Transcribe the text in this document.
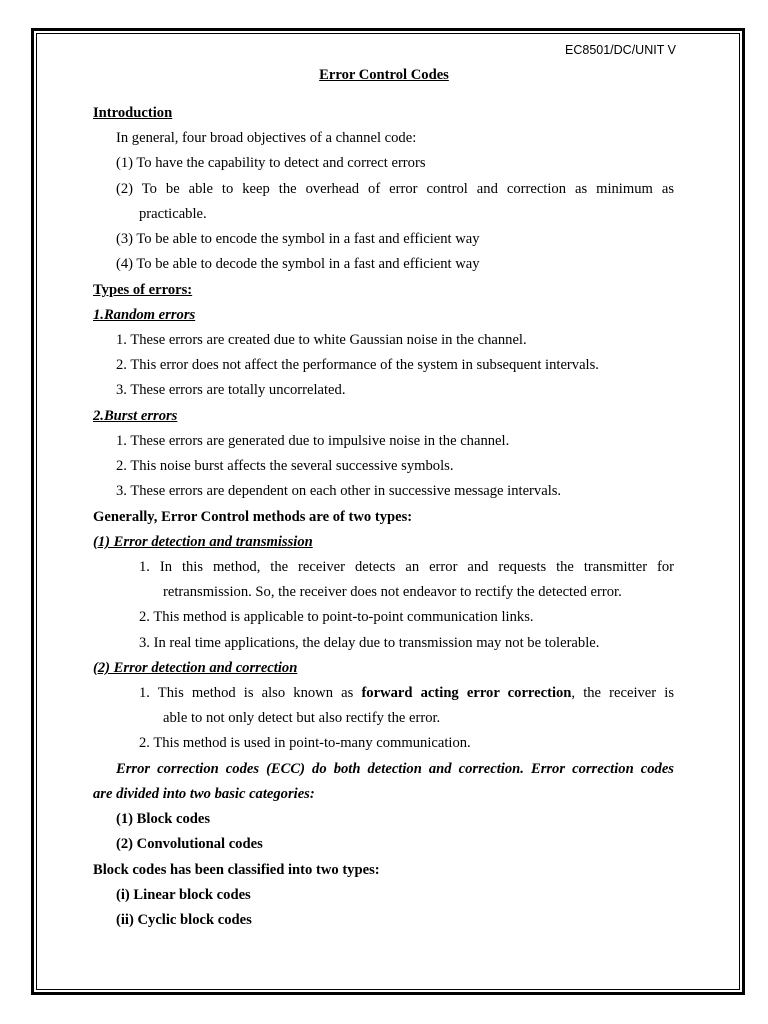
EC8501/DC/UNIT V
Error Control Codes
Introduction
In general, four broad objectives of a channel code:
(1) To have the capability to detect and correct errors
(2) To be able to keep the overhead of error control and correction as minimum as
practicable.
(3) To be able to encode the symbol in a fast and efficient way
(4) To be able to decode the symbol in a fast and efficient way
Types of errors:
1.Random errors
1. These errors are created due to white Gaussian noise in the channel.
2. This error does not affect the performance of the system in subsequent intervals.
3. These errors are totally uncorrelated.
2.Burst errors
1. These errors are generated due to impulsive noise in the channel.
2. This noise burst affects the several successive symbols.
3. These errors are dependent on each other in successive message intervals.
Generally, Error Control methods are of two types:
(1) Error detection and transmission
1. In this method, the receiver detects an error and requests the transmitter for
retransmission. So, the receiver does not endeavor to rectify the detected error.
2. This method is applicable to point-to-point communication links.
3. In real time applications, the delay due to transmission may not be tolerable.
(2) Error detection and correction
1. This method is also known as forward acting error correction, the receiver is
able to not only detect but also rectify the error.
2. This method is used in point-to-many communication.
Error correction codes (ECC) do both detection and correction. Error correction codes
are divided into two basic categories:
(1) Block codes
(2) Convolutional codes
Block codes has been classified into two types:
(i) Linear block codes
(ii) Cyclic block codes
